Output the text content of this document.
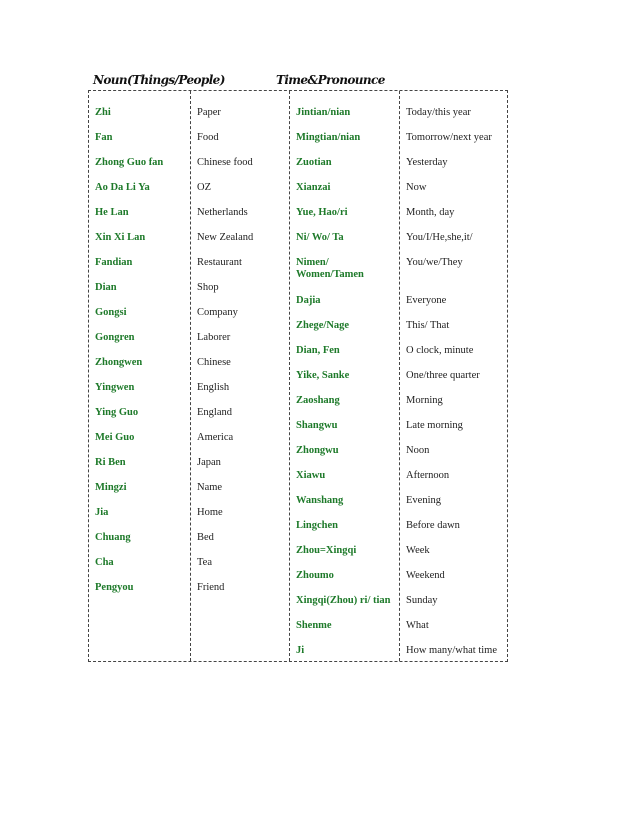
Noun(Things/People)	Time&Pronounce
Zhi
Fan
Zhong Guo fan
Ao Da Li Ya
He Lan
Xin Xi Lan
Fandian
Dian
Gongsi
Gongren
Zhongwen
Yingwen
Ying Guo
Mei Guo
Ri Ben
Mingzi
Jia
Chuang
Cha
Pengyou
Paper
Food
Chinese food
OZ
Netherlands
New Zealand
Restaurant
Shop
Company
Laborer
Chinese
English
England
America
Japan
Name
Home
Bed
Tea
Friend
Jintian/nian
Mingtian/nian
Zuotian
Xianzai
Yue, Hao/ri
Ni/ Wo/ Ta
Nimen/ Women/Tamen
Dajia
Zhege/Nage
Dian, Fen
Yike, Sanke
Zaoshang
Shangwu
Zhongwu
Xiawu
Wanshang
Lingchen
Zhou=Xingqi
Zhoumo
Xingqi(Zhou) ri/ tian
Shenme
Ji
Today/this year
Tomorrow/next year
Yesterday
Now
Month, day
You/I/He,she,it/
You/we/They
Everyone
This/ That
O clock, minute
One/three quarter
Morning
Late morning
Noon
Afternoon
Evening
Before dawn
Week
Weekend
Sunday
What
How many/what time
